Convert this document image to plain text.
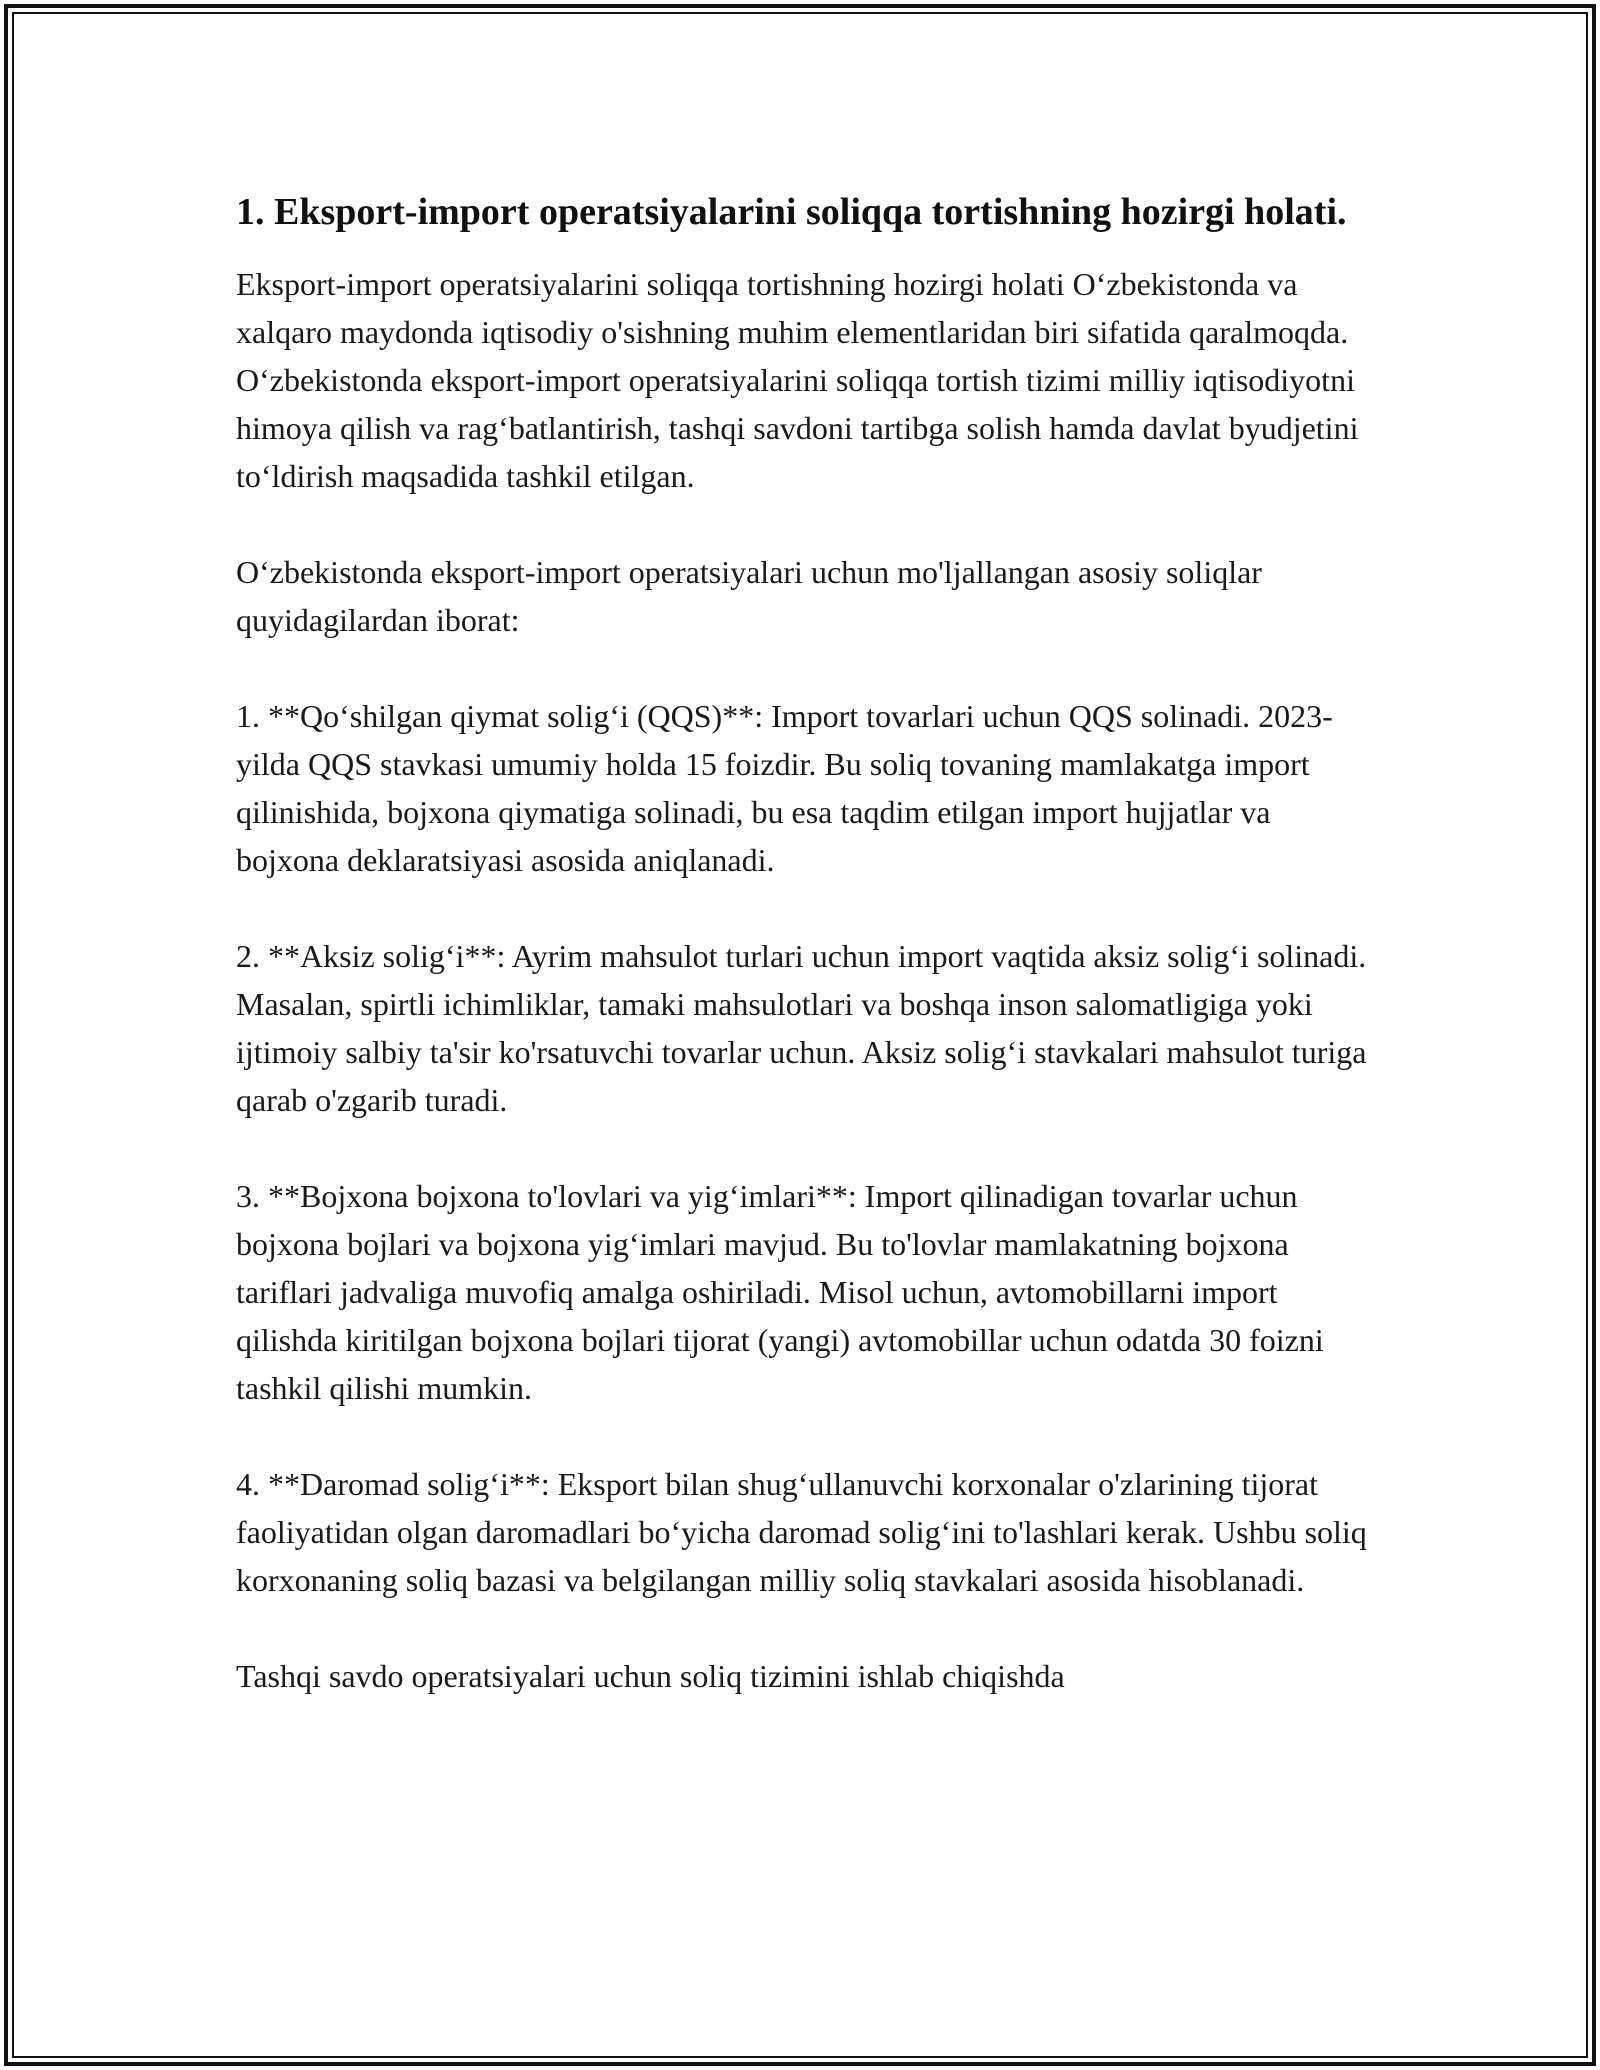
1. Eksport-import operatsiyalarini soliqqa tortishning hozirgi holati.

Eksport-import operatsiyalarini soliqqa tortishning hozirgi holati O‘zbekistonda va xalqaro maydonda iqtisodiy o'sishning muhim elementlaridan biri sifatida qaralmoqda. O‘zbekistonda eksport-import operatsiyalarini soliqqa tortish tizimi milliy iqtisodiyotni himoya qilish va rag‘batlantirish, tashqi savdoni tartibga solish hamda davlat byudjetini to‘ldirish maqsadida tashkil etilgan.

O‘zbekistonda eksport-import operatsiyalari uchun mo'ljallangan asosiy soliqlar quyidagilardan iborat:

1. **Qo‘shilgan qiymat solig‘i (QQS)**: Import tovarlari uchun QQS solinadi. 2023-yilda QQS stavkasi umumiy holda 15 foizdir. Bu soliq tovaning mamlakatga import qilinishida, bojxona qiymatiga solinadi, bu esa taqdim etilgan import hujjatlar va bojxona deklaratsiyasi asosida aniqlanadi.

2. **Aksiz solig‘i**: Ayrim mahsulot turlari uchun import vaqtida aksiz solig‘i solinadi. Masalan, spirtli ichimliklar, tamaki mahsulotlari va boshqa inson salomatligiga yoki ijtimoiy salbiy ta'sir ko'rsatuvchi tovarlar uchun. Aksiz solig‘i stavkalari mahsulot turiga qarab o'zgarib turadi.

3. **Bojxona bojxona to'lovlari va yig‘imlari**: Import qilinadigan tovarlar uchun bojxona bojlari va bojxona yig‘imlari mavjud. Bu to'lovlar mamlakatning bojxona tariflari jadvaliga muvofiq amalga oshiriladi. Misol uchun, avtomobillarni import qilishda kiritilgan bojxona bojlari tijorat (yangi) avtomobillar uchun odatda 30 foizni tashkil qilishi mumkin.

4. **Daromad solig‘i**: Eksport bilan shug‘ullanuvchi korxonalar o'zlarining tijorat faoliyatidan olgan daromadlari bo‘yicha daromad solig‘ini to'lashlari kerak. Ushbu soliq korxonaning soliq bazasi va belgilangan milliy soliq stavkalari asosida hisoblanadi.

Tashqi savdo operatsiyalari uchun soliq tizimini ishlab chiqishda
